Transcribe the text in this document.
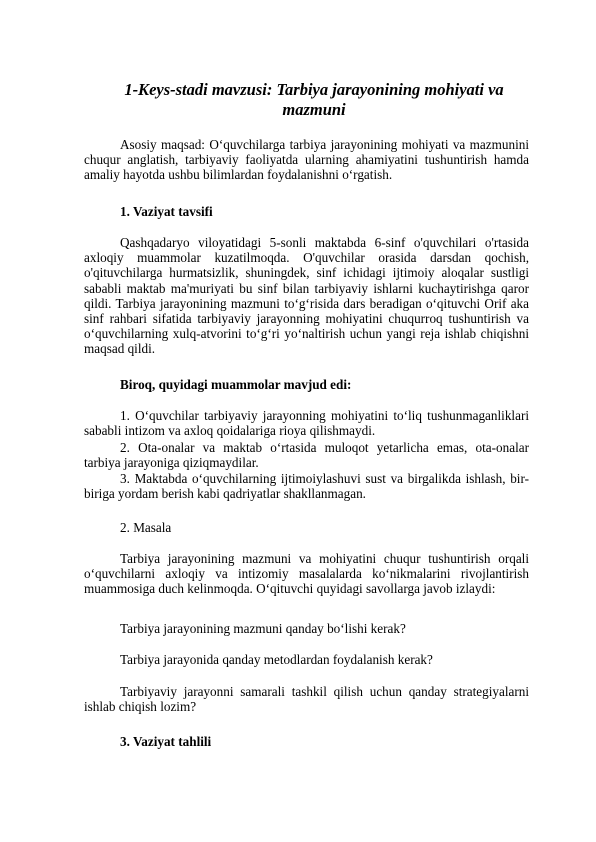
1-Keys-stadi mavzusi: Tarbiya jarayonining mohiyati va
mazmuni

Asosiy maqsad: O‘quvchilarga tarbiya jarayonining mohiyati va mazmunini chuqur anglatish, tarbiyaviy faoliyatda ularning ahamiyatini tushuntirish hamda amaliy hayotda ushbu bilimlardan foydalanishni o‘rgatish.

1. Vaziyat tavsifi

Qashqadaryo viloyatidagi 5-sonli maktabda 6-sinf o'quvchilari o'rtasida axloqiy muammolar kuzatilmoqda. O'quvchilar orasida darsdan qochish, o'qituvchilarga hurmatsizlik, shuningdek, sinf ichidagi ijtimoiy aloqalar sustligi sababli maktab ma'muriyati bu sinf bilan tarbiyaviy ishlarni kuchaytirishga qaror qildi. Tarbiya jarayonining mazmuni to‘g‘risida dars beradigan o‘qituvchi Orif aka sinf rahbari sifatida tarbiyaviy jarayonning mohiyatini chuqurroq tushuntirish va o‘quvchilarning xulq-atvorini to‘g‘ri yo‘naltirish uchun yangi reja ishlab chiqishni maqsad qildi.

Biroq, quyidagi muammolar mavjud edi:

1. O‘quvchilar tarbiyaviy jarayonning mohiyatini to‘liq tushunmaganliklari sababli intizom va axloq qoidalariga rioya qilishmaydi.

2. Ota-onalar va maktab o‘rtasida muloqot yetarlicha emas, ota-onalar tarbiya jarayoniga qiziqmaydilar.

3. Maktabda o‘quvchilarning ijtimoiylashuvi sust va birgalikda ishlash, bir-biriga yordam berish kabi qadriyatlar shakllanmagan.

2. Masala

Tarbiya jarayonining mazmuni va mohiyatini chuqur tushuntirish orqali o‘quvchilarni axloqiy va intizomiy masalalarda ko‘nikmalarini rivojlantirish muammosiga duch kelinmoqda. O‘qituvchi quyidagi savollarga javob izlaydi:

Tarbiya jarayonining mazmuni qanday bo‘lishi kerak?

Tarbiya jarayonida qanday metodlardan foydalanish kerak?

Tarbiyaviy jarayonni samarali tashkil qilish uchun qanday strategiyalarni ishlab chiqish lozim?

3. Vaziyat tahlili
